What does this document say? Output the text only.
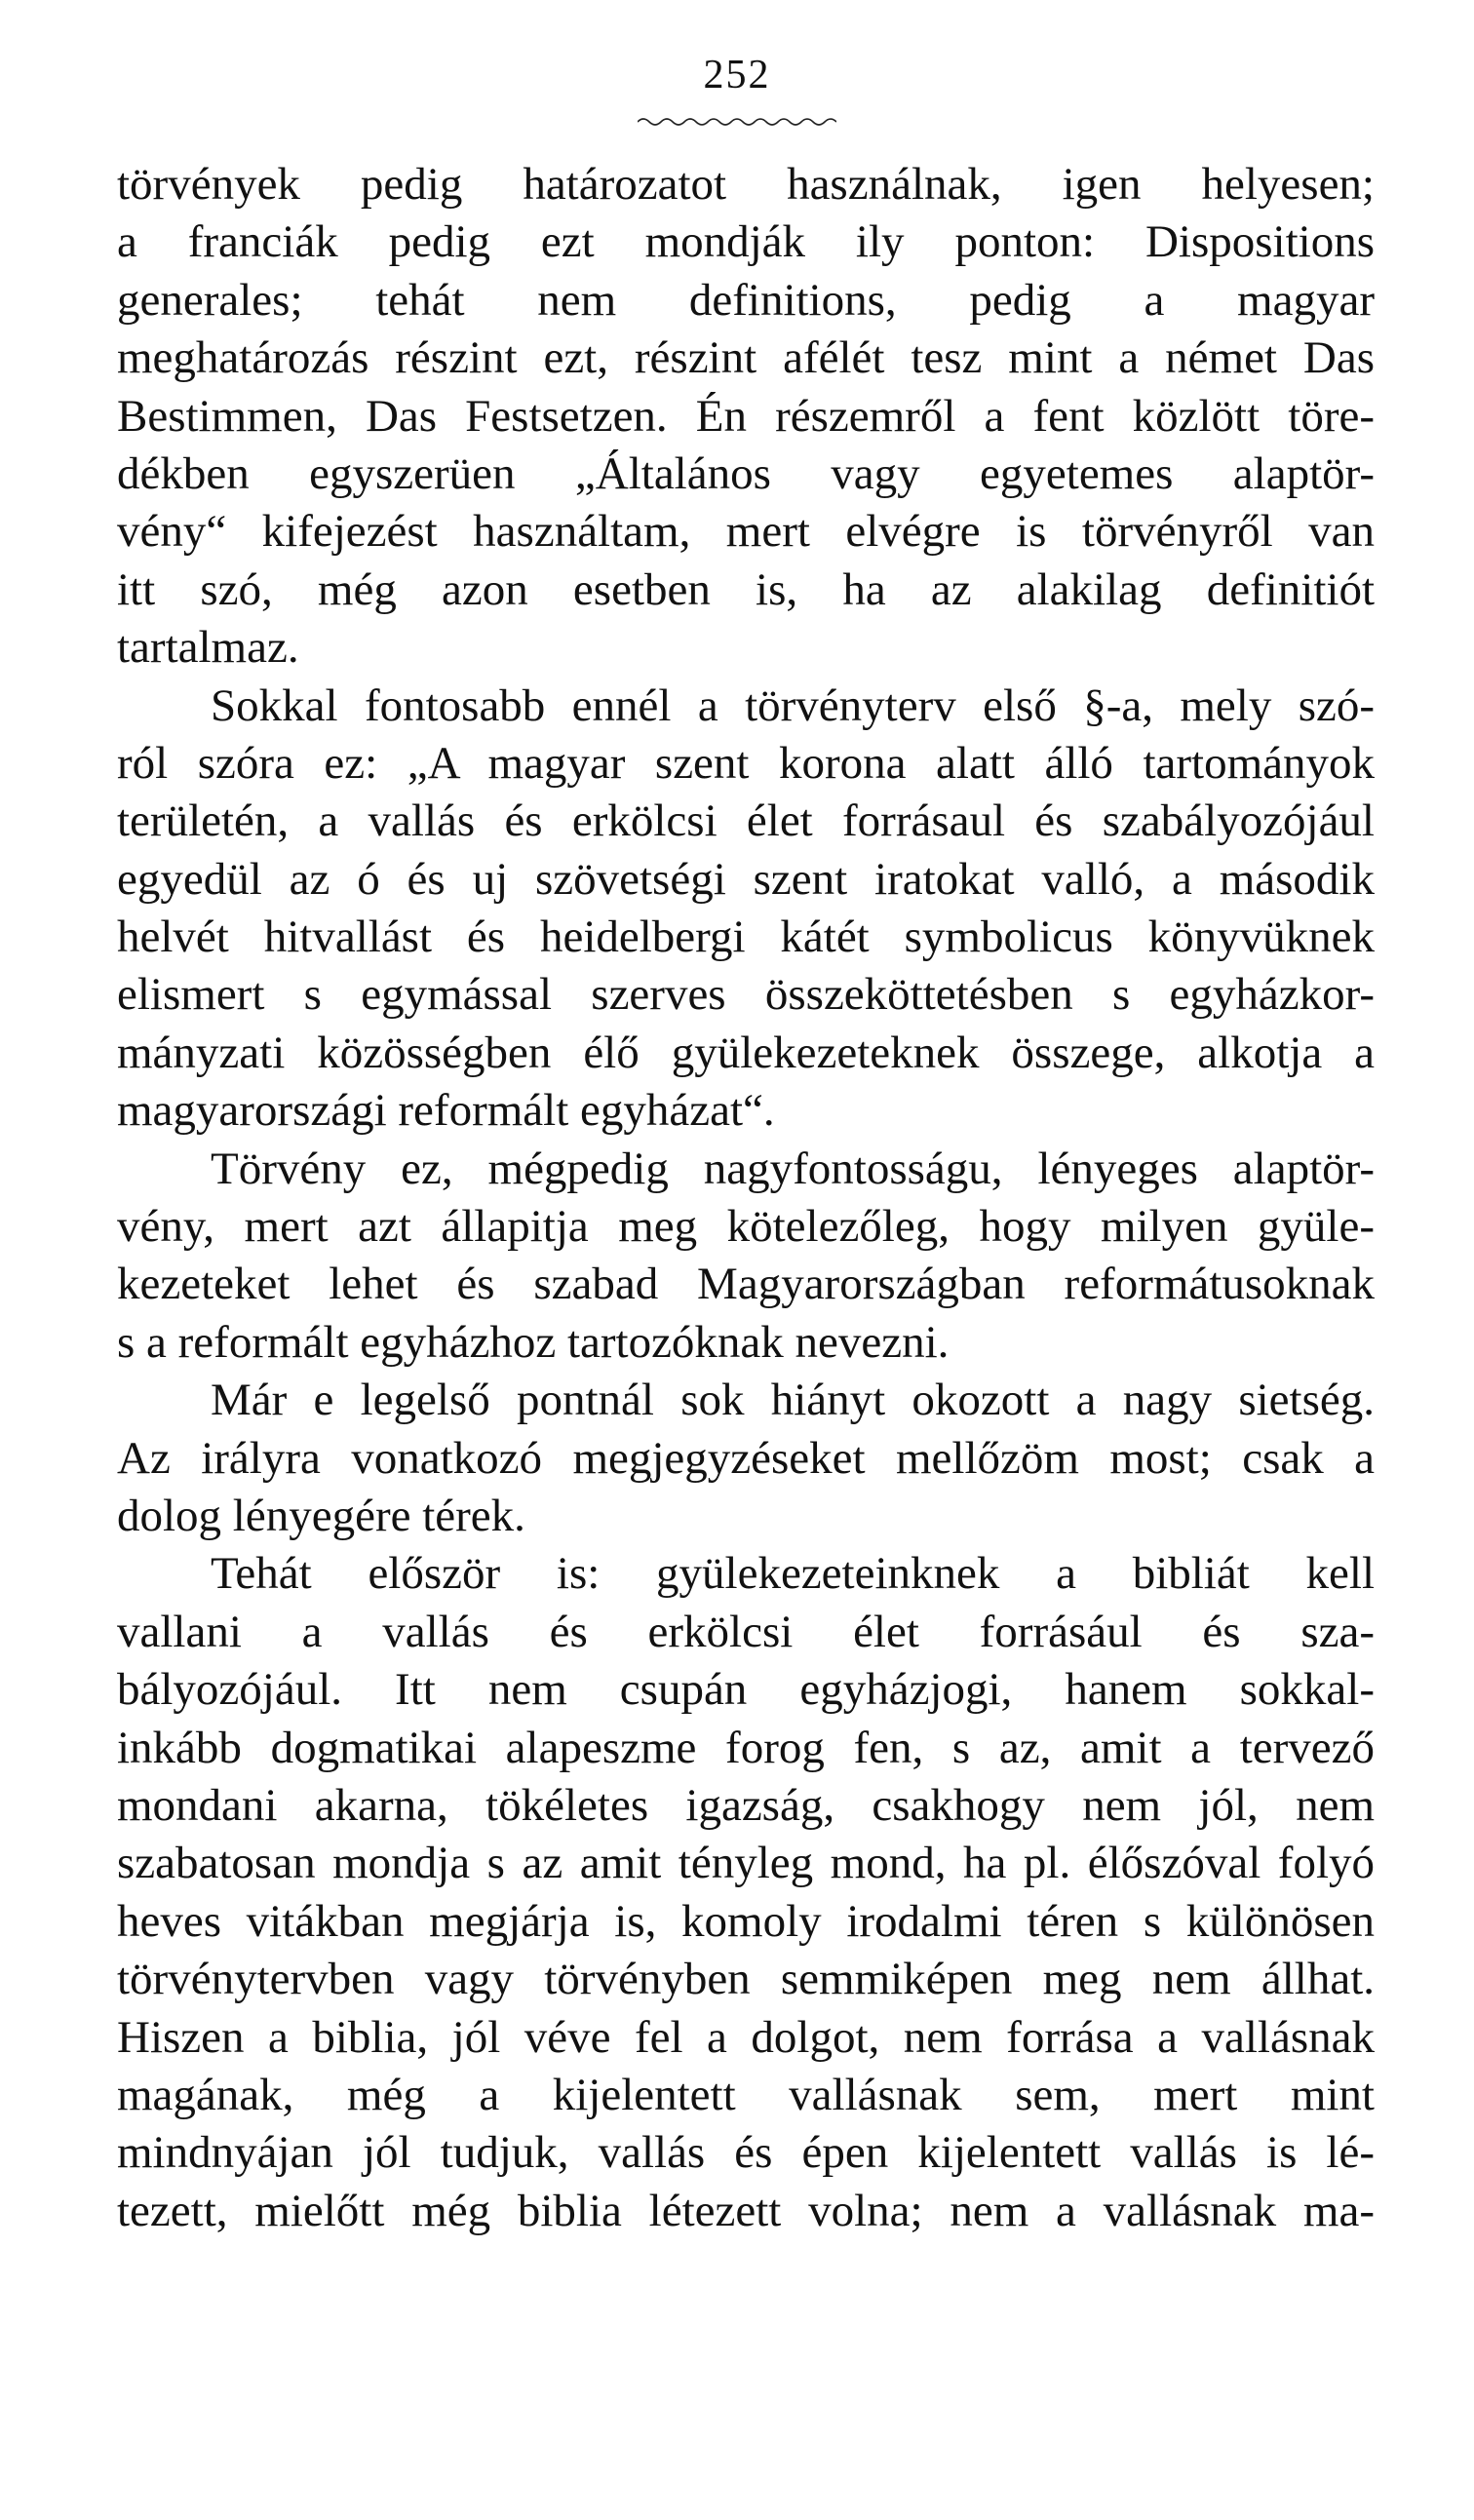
252
törvények pedig határozatot használnak, igen helyesen;
a franciák pedig ezt mondják ily ponton: Dispositions
generales; tehát nem definitions, pedig a magyar
meghatározás részint ezt, részint afélét tesz mint a német Das
Bestimmen, Das Festsetzen. Én részemről a fent közlött töre-
dékben egyszerüen „Általános vagy egyetemes alaptör-
vény“ kifejezést használtam, mert elvégre is törvényről van
itt szó, még azon esetben is, ha az alakilag definitiót
tartalmaz.
Sokkal fontosabb ennél a törvényterv első §-a, mely szó-
ról szóra ez: „A magyar szent korona alatt álló tartományok
területén, a vallás és erkölcsi élet forrásaul és szabályozójául
egyedül az ó és uj szövetségi szent iratokat valló, a második
helvét hitvallást és heidelbergi kátét symbolicus könyvüknek
elismert s egymással szerves összeköttetésben s egyházkor-
mányzati közösségben élő gyülekezeteknek összege, alkotja a
magyarországi reformált egyházat“.
Törvény ez, mégpedig nagyfontosságu, lényeges alaptör-
vény, mert azt állapitja meg kötelezőleg, hogy milyen gyüle-
kezeteket lehet és szabad Magyarországban reformátusoknak
s a reformált egyházhoz tartozóknak nevezni.
Már e legelső pontnál sok hiányt okozott a nagy sietség.
Az irályra vonatkozó megjegyzéseket mellőzöm most; csak a
dolog lényegére térek.
Tehát először is: gyülekezeteinknek a bibliát kell
vallani a vallás és erkölcsi élet forrásául és sza-
bályozójául. Itt nem csupán egyházjogi, hanem sokkal-
inkább dogmatikai alapeszme forog fen, s az, amit a tervező
mondani akarna, tökéletes igazság, csakhogy nem jól, nem
szabatosan mondja s az amit tényleg mond, ha pl. élőszóval folyó
heves vitákban megjárja is, komoly irodalmi téren s különösen
törvénytervben vagy törvényben semmiképen meg nem állhat.
Hiszen a biblia, jól véve fel a dolgot, nem forrása a vallásnak
magának, még a kijelentett vallásnak sem, mert mint
mindnyájan jól tudjuk, vallás és épen kijelentett vallás is lé-
tezett, mielőtt még biblia létezett volna; nem a vallásnak ma-
